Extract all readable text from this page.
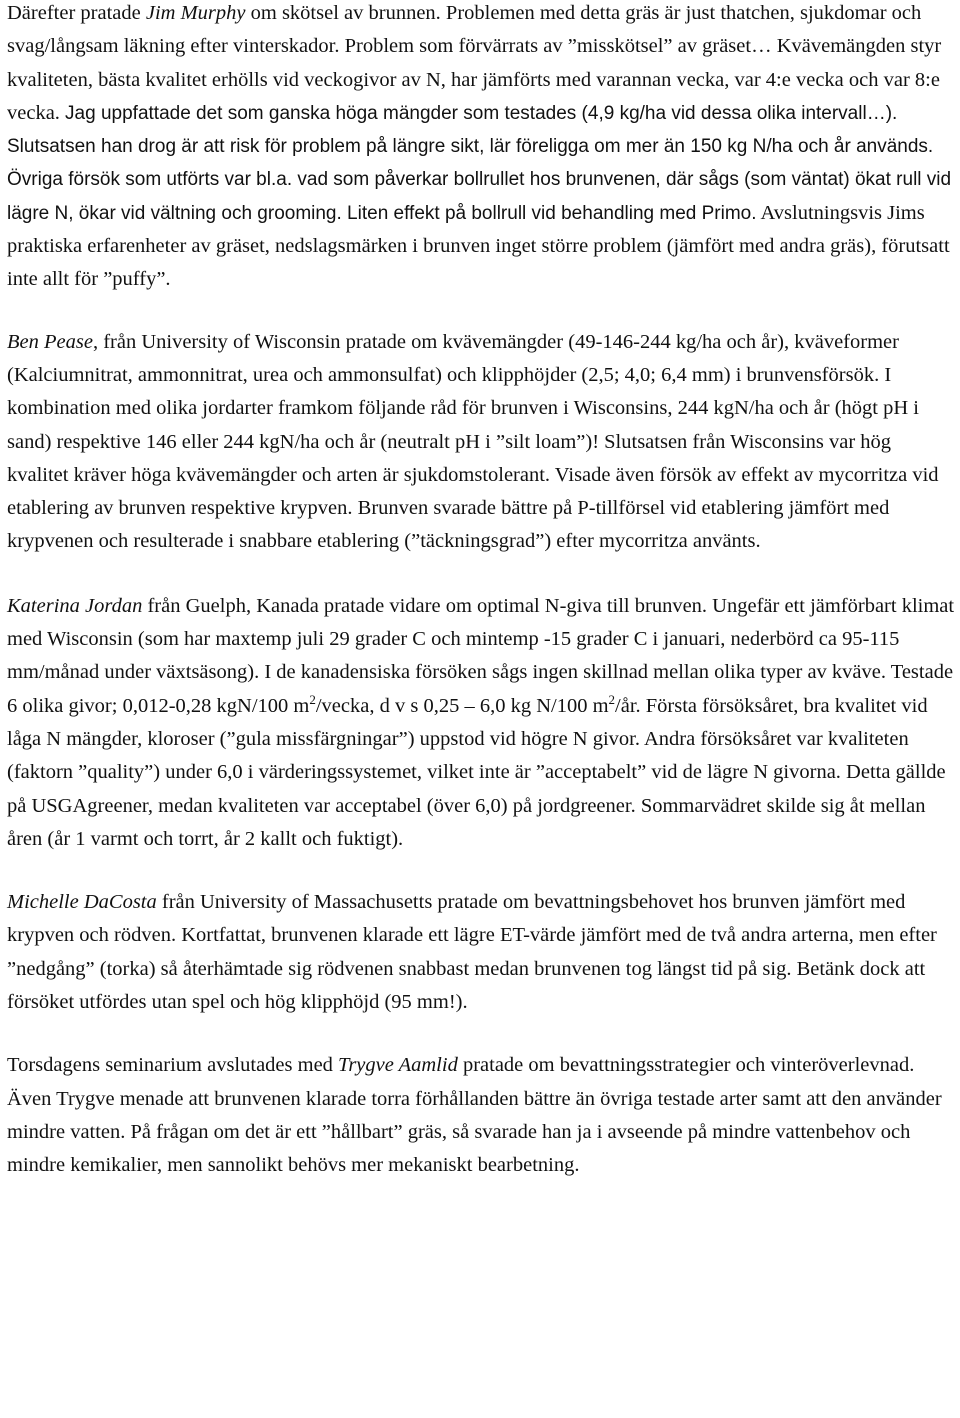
Därefter pratade Jim Murphy om skötsel av brunnen. Problemen med detta gräs är just thatchen, sjukdomar och svag/långsam läkning efter vinterskador. Problem som förvärrats av ”misskötsel” av gräset… Kvävemängden styr kvaliteten, bästa kvalitet erhölls vid veckogivor av N, har jämförts med varannan vecka, var 4:e vecka och var 8:e vecka. Jag uppfattade det som ganska höga mängder som testades (4,9 kg/ha vid dessa olika intervall…). Slutsatsen han drog är att risk för problem på längre sikt, lär föreligga om mer än 150 kg N/ha och år används. Övriga försök som utförts var bl.a. vad som påverkar bollrullet hos brunvenen, där sågs (som väntat) ökat rull vid lägre N, ökar vid vältning och grooming. Liten effekt på bollrull vid behandling med Primo. Avslutningsvis Jims praktiska erfarenheter av gräset, nedslagsmärken i brunven inget större problem (jämfört med andra gräs), förutsatt inte allt för ”puffy”.

Ben Pease, från University of Wisconsin pratade om kvävemängder (49-146-244 kg/ha och år), kväveformer (Kalciumnitrat, ammonnitrat, urea och ammonsulfat) och klipphöjder (2,5; 4,0; 6,4 mm) i brunvensförsök. I kombination med olika jordarter framkom följande råd för brunven i Wisconsins, 244 kgN/ha och år (högt pH i sand) respektive 146 eller 244 kgN/ha och år (neutralt pH i ”silt loam”)! Slutsatsen från Wisconsins var hög kvalitet kräver höga kvävemängder och arten är sjukdomstolerant. Visade även försök av effekt av mycorritza vid etablering av brunven respektive krypven. Brunven svarade bättre på P-tillförsel vid etablering jämfört med krypvenen och resulterade i snabbare etablering (”täckningsgrad”) efter mycorritza använts.

Katerina Jordan från Guelph, Kanada pratade vidare om optimal N-giva till brunven. Ungefär ett jämförbart klimat med Wisconsin (som har maxtemp juli 29 grader C och mintemp -15 grader C i januari, nederbörd ca 95-115 mm/månad under växtsäsong). I de kanadensiska försöken sågs ingen skillnad mellan olika typer av kväve. Testade 6 olika givor; 0,012-0,28 kgN/100 $m^2$/vecka, d v s 0,25 – 6,0 kg N/100 $m^2/år$. Första försöksåret, bra kvalitet vid låga N mängder, kloroser (”gula missfärgningar”) uppstod vid högre N givor. Andra försöksåret var kvaliteten (faktorn ”quality”) under 6,0 i värderingssystemet, vilket inte är ”acceptabelt” vid de lägre N givorna. Detta gällde på USGAgreener, medan kvaliteten var acceptabel (över 6,0) på jordgreener. Sommarvädret skilde sig åt mellan åren (år 1 varmt och torrt, år 2 kallt och fuktigt).

Michelle DaCosta från University of Massachusetts pratade om bevattningsbehovet hos brunven jämfört med krypven och rödven. Kortfattat, brunvenen klarade ett lägre ET-värde jämfört med de två andra arterna, men efter ”nedgång” (torka) så återhämtade sig rödvenen snabbast medan brunvenen tog längst tid på sig. Betänk dock att försöket utfördes utan spel och hög klipphöjd (95 mm!).

Torsdagens seminarium avslutades med Trygve Aamlid pratade om bevattningsstrategier och vinteröverlevnad. Även Trygve menade att brunvenen klarade torra förhållanden bättre än övriga testade arter samt att den använder mindre vatten. På frågan om det är ett ”hållbart” gräs, så svarade han ja i avseende på mindre vattenbehov och mindre kemikalier, men sannolikt behövs mer mekaniskt bearbetning.
